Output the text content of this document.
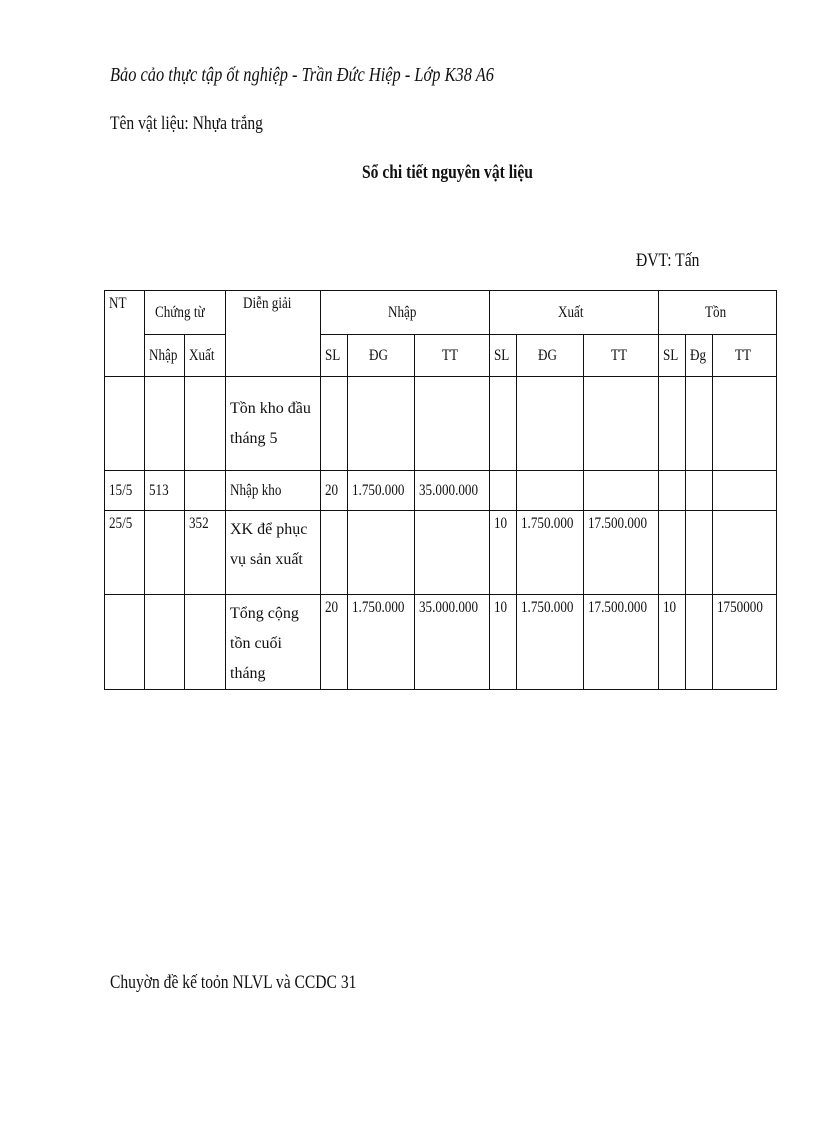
Bảo cảo thực tập ốt nghiệp - Trần Đức Hiệp - Lớp K38 A6
Tên vật liệu: Nhựa trắng
Sổ chi tiết nguyên vật liệu
ĐVT: Tấn
NT	Chứng từ		Diễn giải	Nhập			Xuất			Tồn		
	Nhập	Xuất		SL	ĐG	TT	SL	ĐG	TT	SL	Đg	TT
			Tồn kho đầu tháng 5									
15/5	513		Nhập kho	20	1.750.000	35.000.000						
25/5		352	XK để phục vụ sản xuất				10	1.750.000	17.500.000			
			Tổng cộng tồn cuối tháng	20	1.750.000	35.000.000	10	1.750.000	17.500.000	10		1750000
Chuyờn đề kế toỏn NLVL và CCDC 31
